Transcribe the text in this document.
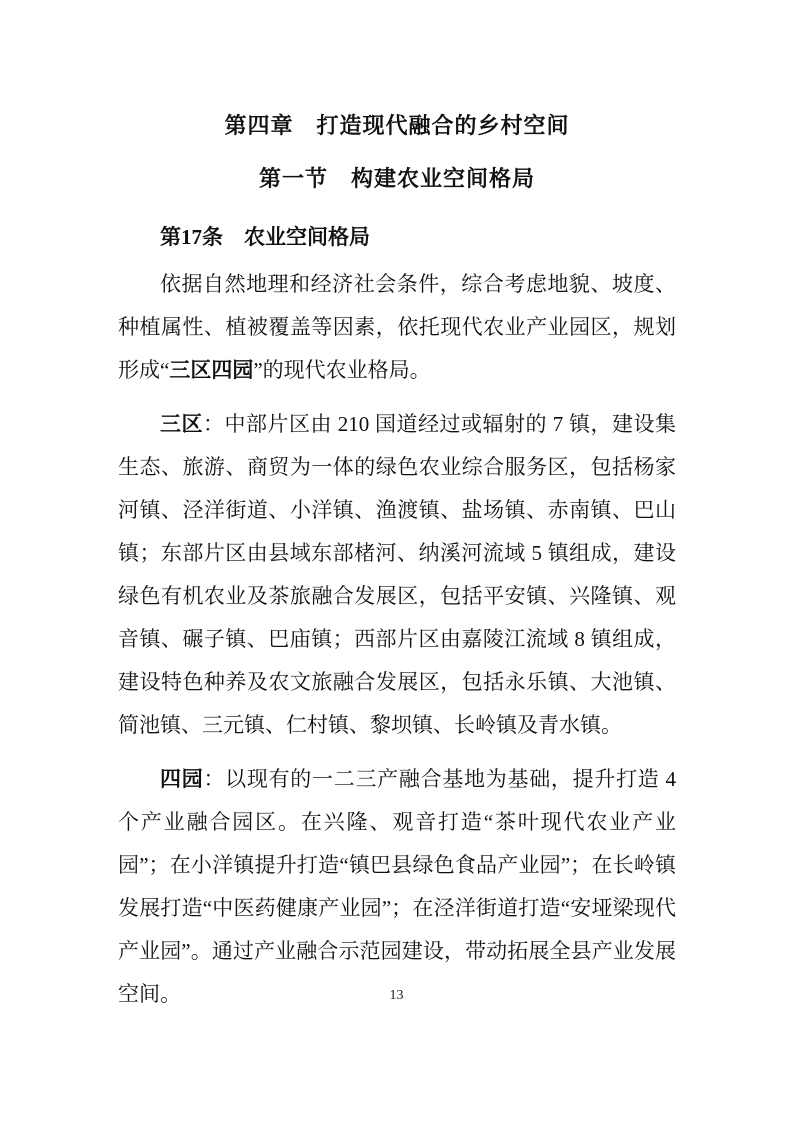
第四章　打造现代融合的乡村空间
第一节　构建农业空间格局
第17条 农业空间格局

依据自然地理和经济社会条件，综合考虑地貌、坡度、种植属性、植被覆盖等因素，依托现代农业产业园区，规划形成“三区四园”的现代农业格局。

三区：中部片区由 210 国道经过或辐射的 7 镇，建设集生态、旅游、商贸为一体的绿色农业综合服务区，包括杨家河镇、泾洋街道、小洋镇、渔渡镇、盐场镇、赤南镇、巴山镇；东部片区由县域东部楮河、纳溪河流域 5 镇组成，建设绿色有机农业及茶旅融合发展区，包括平安镇、兴隆镇、观音镇、碾子镇、巴庙镇；西部片区由嘉陵江流域 8 镇组成，建设特色种养及农文旅融合发展区，包括永乐镇、大池镇、简池镇、三元镇、仁村镇、黎坝镇、长岭镇及青水镇。

四园：以现有的一二三产融合基地为基础，提升打造 4 个产业融合园区。在兴隆、观音打造“茶叶现代农业产业园”；在小洋镇提升打造“镇巴县绿色食品产业园”；在长岭镇发展打造“中医药健康产业园”；在泾洋街道打造“安垭梁现代产业园”。通过产业融合示范园建设，带动拓展全县产业发展空间。	13
